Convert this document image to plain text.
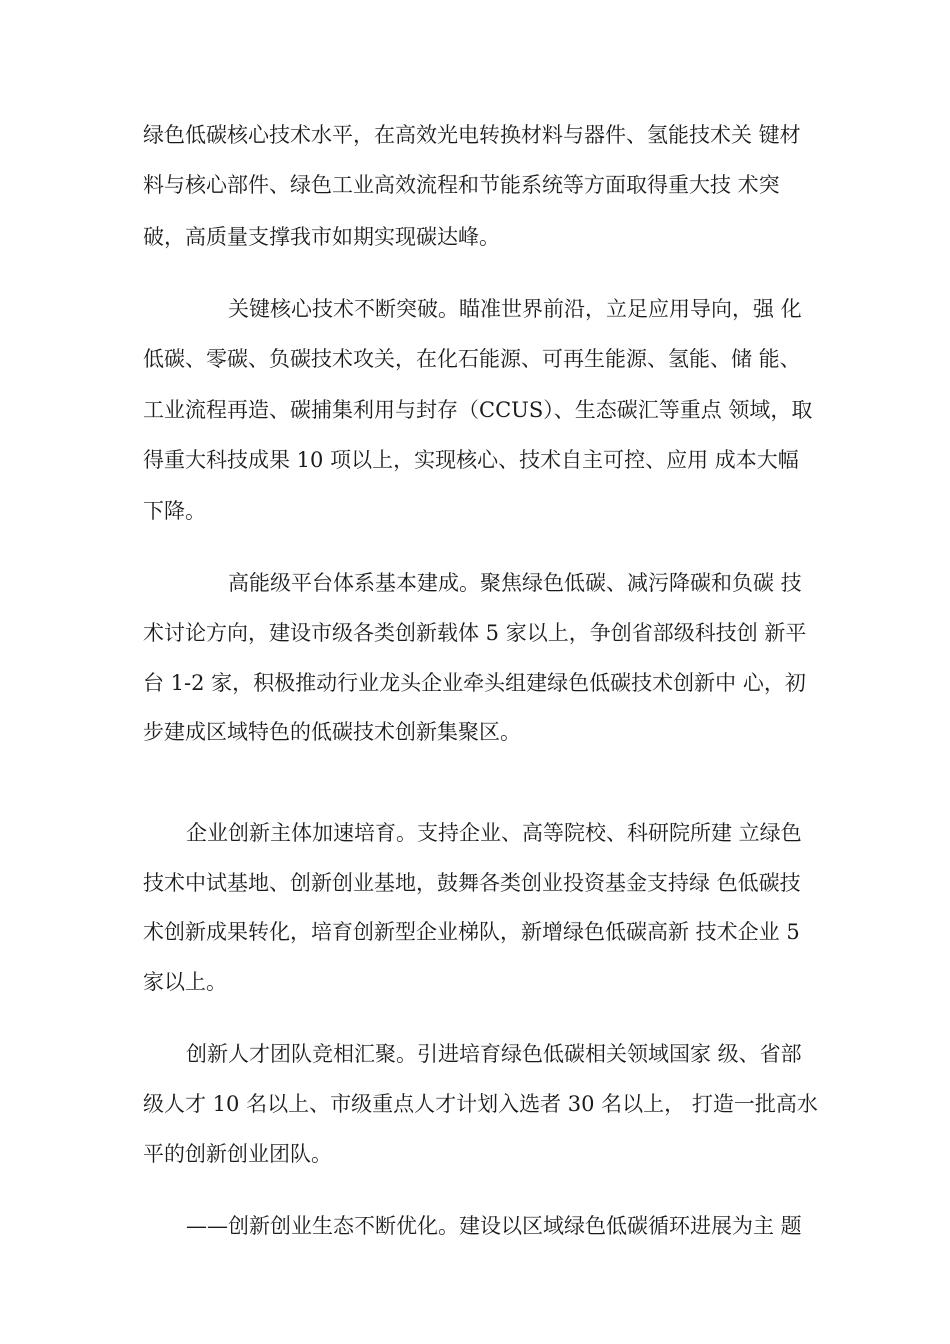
绿色低碳核心技术水平，在高效光电转换材料与器件、氢能技术关 键材
料与核心部件、绿色工业高效流程和节能系统等方面取得重大技 术突
破，高质量支撑我市如期实现碳达峰。
关键核心技术不断突破。瞄准世界前沿，立足应用导向，强 化
低碳、零碳、负碳技术攻关，在化石能源、可再生能源、氢能、储 能、
工业流程再造、碳捕集利用与封存（CCUS）、生态碳汇等重点 领域，取
得重大科技成果 10 项以上，实现核心、技术自主可控、应用 成本大幅
下降。
高能级平台体系基本建成。聚焦绿色低碳、减污降碳和负碳 技
术讨论方向，建设市级各类创新载体 5 家以上，争创省部级科技创 新平
台 1-2 家，积极推动行业龙头企业牵头组建绿色低碳技术创新中 心，初
步建成区域特色的低碳技术创新集聚区。
企业创新主体加速培育。支持企业、高等院校、科研院所建 立绿色
技术中试基地、创新创业基地，鼓舞各类创业投资基金支持绿 色低碳技
术创新成果转化，培育创新型企业梯队，新增绿色低碳高新 技术企业 5
家以上。
创新人才团队竞相汇聚。引进培育绿色低碳相关领域国家 级、省部
级人才 10 名以上、市级重点人才计划入选者 30 名以上， 打造一批高水
平的创新创业团队。
——创新创业生态不断优化。建设以区域绿色低碳循环进展为主 题
